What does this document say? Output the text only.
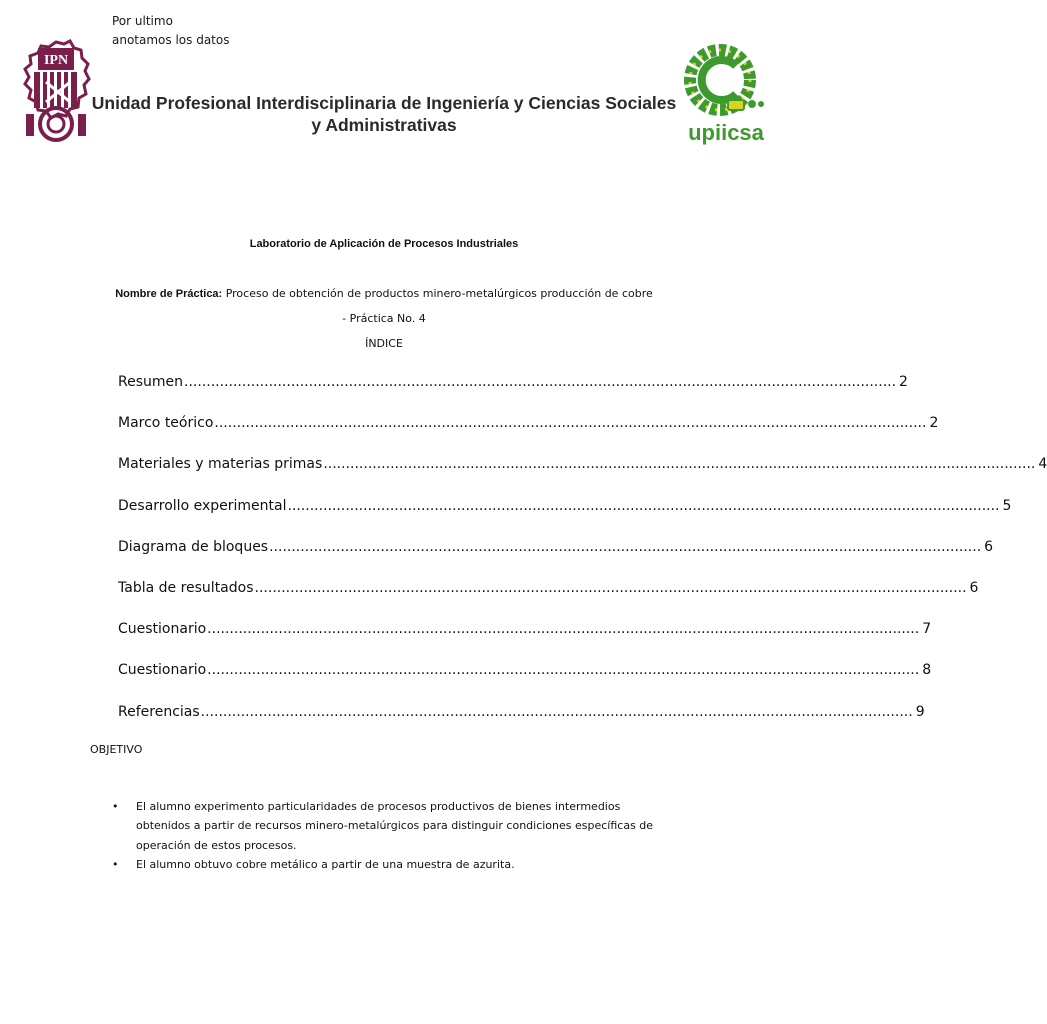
Por ultimo
anotamos los datos
IPN
upiicsa
Unidad Profesional Interdisciplinaria de Ingeniería y Ciencias Sociales y Administrativas
Laboratorio de Aplicación de Procesos Industriales
Nombre de Práctica: Proceso de obtención de productos minero-metalúrgicos producción de cobre
- Práctica No. 4
ÍNDICE
Resumen ................................................................................................................................................................ 2
Marco teórico ................................................................................................................................................................ 2
Materiales y materias primas ................................................................................................................................................................ 4
Desarrollo experimental ................................................................................................................................................................ 5
Diagrama de bloques ................................................................................................................................................................ 6
Tabla de resultados ................................................................................................................................................................ 6
Cuestionario ................................................................................................................................................................ 7
Cuestionario ................................................................................................................................................................ 8
Referencias ................................................................................................................................................................ 9
OBJETIVO
• El alumno experimento particularidades de procesos productivos de bienes intermedios obtenidos a partir de recursos minero-metalúrgicos para distinguir condiciones específicas de operación de estos procesos.
• El alumno obtuvo cobre metálico a partir de una muestra de azurita.
